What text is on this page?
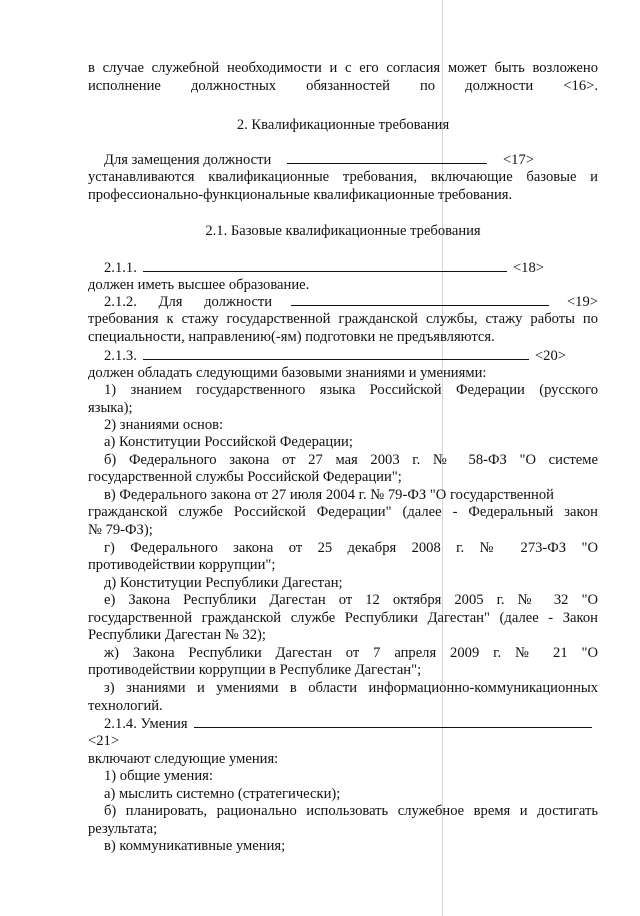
в случае служебной необходимости и с его согласия может быть возложено
исполнение должностных обязанностей по должности <16>.
2. Квалификационные требования
Для замещения должности	<17>
устанавливаются квалификационные требования, включающие базовые и
профессионально-функциональные квалификационные требования.
2.1. Базовые квалификационные требования
2.1.1.	<18>
должен иметь высшее образование.
2.1.2. Для должности	<19>
требования к стажу государственной гражданской службы, стажу работы по
специальности, направлению(-ям) подготовки не предъявляются.
2.1.3.	<20>
должен обладать следующими базовыми знаниями и умениями:
1) знанием государственного языка Российской Федерации (русского
языка);
2) знаниями основ:
а) Конституции Российской Федерации;
б) Федерального закона от 27 мая 2003 г. № 58-ФЗ "О системе
государственной службы Российской Федерации";
в) Федерального закона от 27 июля 2004 г. № 79-ФЗ "О государственной
гражданской службе Российской Федерации" (далее - Федеральный закон
№ 79-ФЗ);
г) Федерального закона от 25 декабря 2008 г. № 273-ФЗ "О
противодействии коррупции";
д) Конституции Республики Дагестан;
е) Закона Республики Дагестан от 12 октября 2005 г. № 32 "О
государственной гражданской службе Республики Дагестан" (далее - Закон
Республики Дагестан № 32);
ж) Закона Республики Дагестан от 7 апреля 2009 г. № 21 "О
противодействии коррупции в Республике Дагестан";
з) знаниями и умениями в области информационно-коммуникационных
технологий.
2.1.4. Умения
<21>
включают следующие умения:
1) общие умения:
а) мыслить системно (стратегически);
б) планировать, рационально использовать служебное время и достигать
результата;
в) коммуникативные умения;
